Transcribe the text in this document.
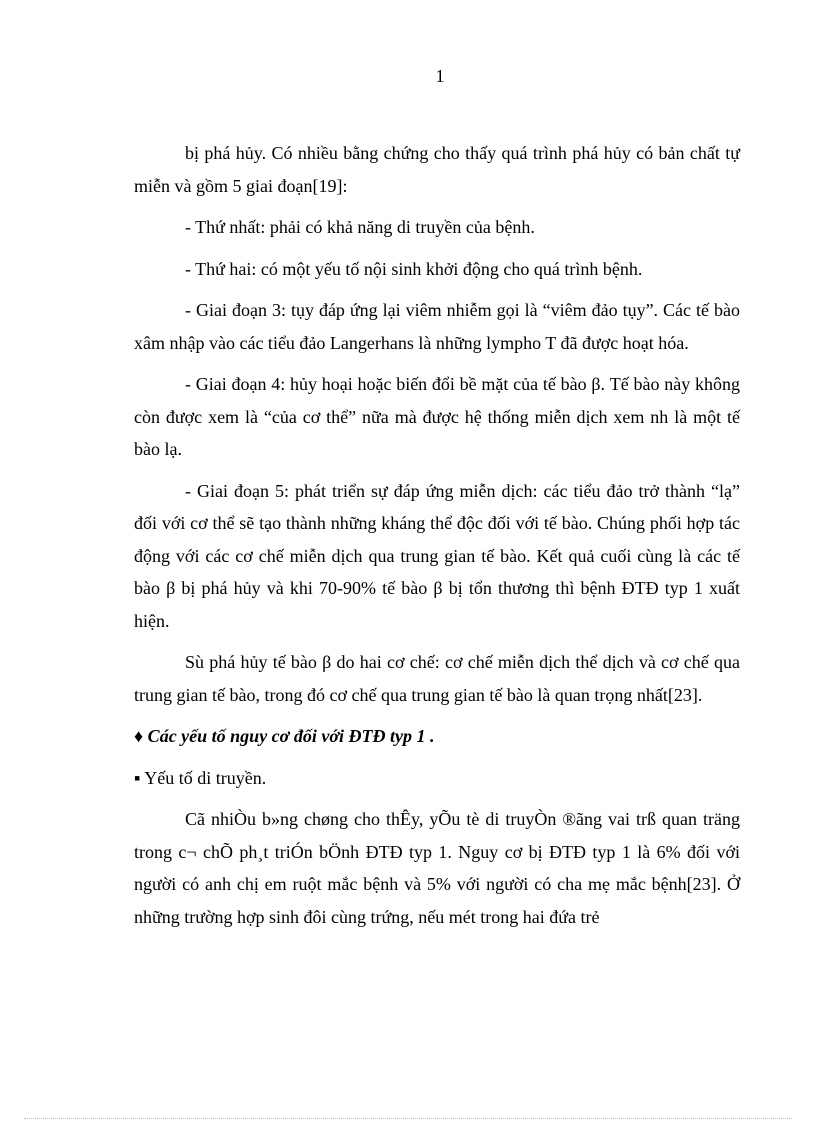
1

bị phá hủy. Có nhiều bằng chứng cho thấy quá trình phá hủy có bản chất tự miễn và gồm 5 giai đoạn[19]:

- Thứ nhất: phải có khả năng di truyền của bệnh.

- Thứ hai: có một yếu tố nội sinh khởi động cho quá trình bệnh.

- Giai đoạn 3: tụy đáp ứng lại viêm nhiễm gọi là “viêm đảo tụy”. Các tế bào xâm nhập vào các tiểu đảo Langerhans là những lympho T đã được hoạt hóa.

- Giai đoạn 4: hủy hoại hoặc biến đổi bề mặt của tế bào β. Tế bào này không còn được xem là “của cơ thể” nữa mà được hệ thống miễn dịch xem nh là một tế bào lạ.

- Giai đoạn 5: phát triển sự đáp ứng miễn dịch: các tiểu đảo trở thành “lạ” đối với cơ thể sẽ tạo thành những kháng thể độc đối với tế bào. Chúng phối hợp tác động với các cơ chế miễn dịch qua trung gian tế bào. Kết quả cuối cùng là các tế bào β bị phá hủy và khi 70-90% tế bào β bị tổn thương thì bệnh ĐTĐ typ 1 xuất hiện.

Sù phá hủy tế bào β do hai cơ chế: cơ chế miễn dịch thể dịch và cơ chế qua trung gian tế bào, trong đó cơ chế qua trung gian tế bào là quan trọng nhất[23].

♦ Các yếu tố nguy cơ đối với ĐTĐ typ 1 .

▪ Yếu tố di truyền.

Cã nhiÒu b»ng chøng cho thÊy, yÕu tè di truyÒn ®ãng vai trß quan träng trong c¬ chÕ ph¸t triÓn bÖnh ĐTĐ typ 1. Nguy cơ bị ĐTĐ typ 1 là 6% đối với người có anh chị em ruột mắc bệnh và 5% với người có cha mẹ mắc bệnh[23]. Ở những trường hợp sinh đôi cùng trứng, nếu mét trong hai đứa trẻ
